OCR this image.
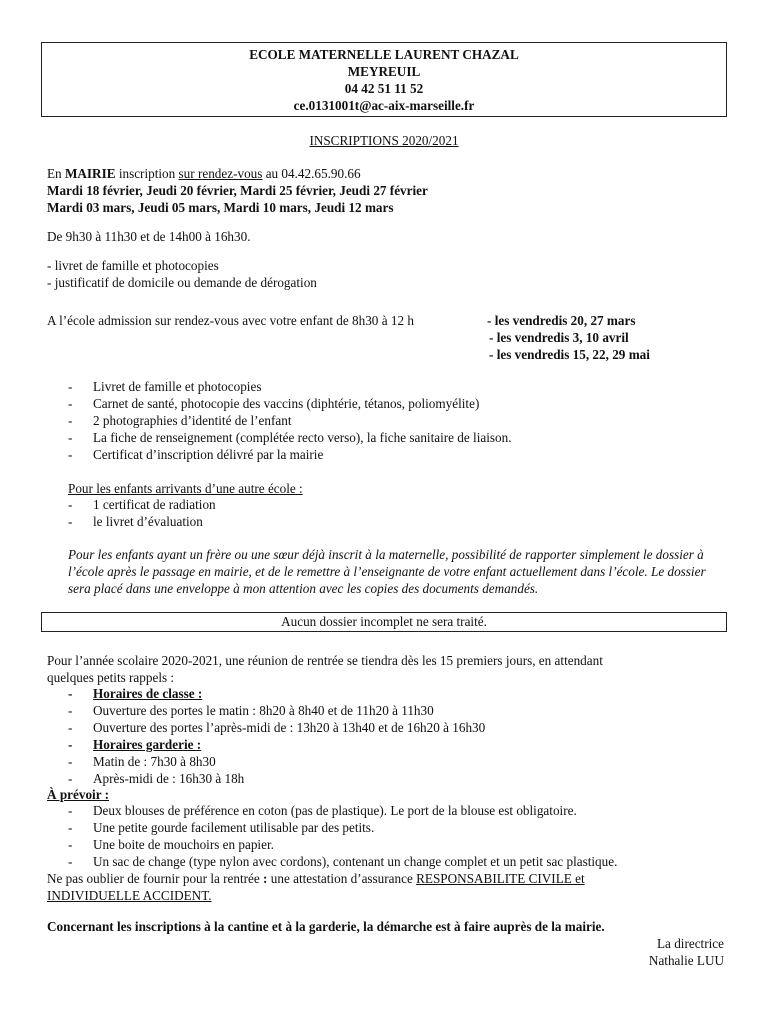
ECOLE MATERNELLE LAURENT CHAZAL
MEYREUIL
04 42 51 11 52
ce.0131001t@ac-aix-marseille.fr
INSCRIPTIONS 2020/2021
En MAIRIE inscription sur rendez-vous au 04.42.65.90.66
Mardi 18 février, Jeudi 20 février, Mardi 25 février, Jeudi 27 février
Mardi 03 mars, Jeudi 05 mars, Mardi 10 mars, Jeudi 12 mars
De 9h30 à 11h30 et de 14h00 à 16h30.
- livret de famille et photocopies
- justificatif de domicile ou demande de dérogation
A l’école admission sur rendez-vous avec votre enfant de 8h30 à 12 h	- les vendredis 20, 27 mars
- les vendredis 3, 10 avril
- les vendredis 15, 22, 29 mai
- Livret de famille et photocopies
- Carnet de santé, photocopie des vaccins (diphtérie, tétanos, poliomyélite)
- 2 photographies d’identité de l’enfant
- La fiche de renseignement (complétée recto verso), la fiche sanitaire de liaison.
- Certificat d’inscription délivré par la mairie
Pour les enfants arrivants d’une autre école :
- 1 certificat de radiation
- le livret d’évaluation
Pour les enfants ayant un frère ou une sœur déjà inscrit à la maternelle, possibilité de rapporter simplement le dossier à l’école après le passage en mairie, et de le remettre à l’enseignante de votre enfant actuellement dans l’école. Le dossier sera placé dans une enveloppe à mon attention avec les copies des documents demandés.
Aucun dossier incomplet ne sera traité.
Pour l’année scolaire 2020-2021, une réunion de rentrée se tiendra dès les 15 premiers jours, en attendant
quelques petits rappels :
- Horaires de classe :
- Ouverture des portes le matin : 8h20 à 8h40 et de 11h20 à 11h30
- Ouverture des portes l’après-midi de : 13h20 à 13h40 et de 16h20 à 16h30
- Horaires garderie :
- Matin de : 7h30 à 8h30
- Après-midi de : 16h30 à 18h
À prévoir :
- Deux blouses de préférence en coton (pas de plastique). Le port de la blouse est obligatoire.
- Une petite gourde facilement utilisable par des petits.
- Une boite de mouchoirs en papier.
- Un sac de change (type nylon avec cordons), contenant un change complet et un petit sac plastique.
Ne pas oublier de fournir pour la rentrée : une attestation d’assurance RESPONSABILITE CIVILE et
INDIVIDUELLE ACCIDENT.
Concernant les inscriptions à la cantine et à la garderie, la démarche est à faire auprès de la mairie.
La directrice
Nathalie LUU
